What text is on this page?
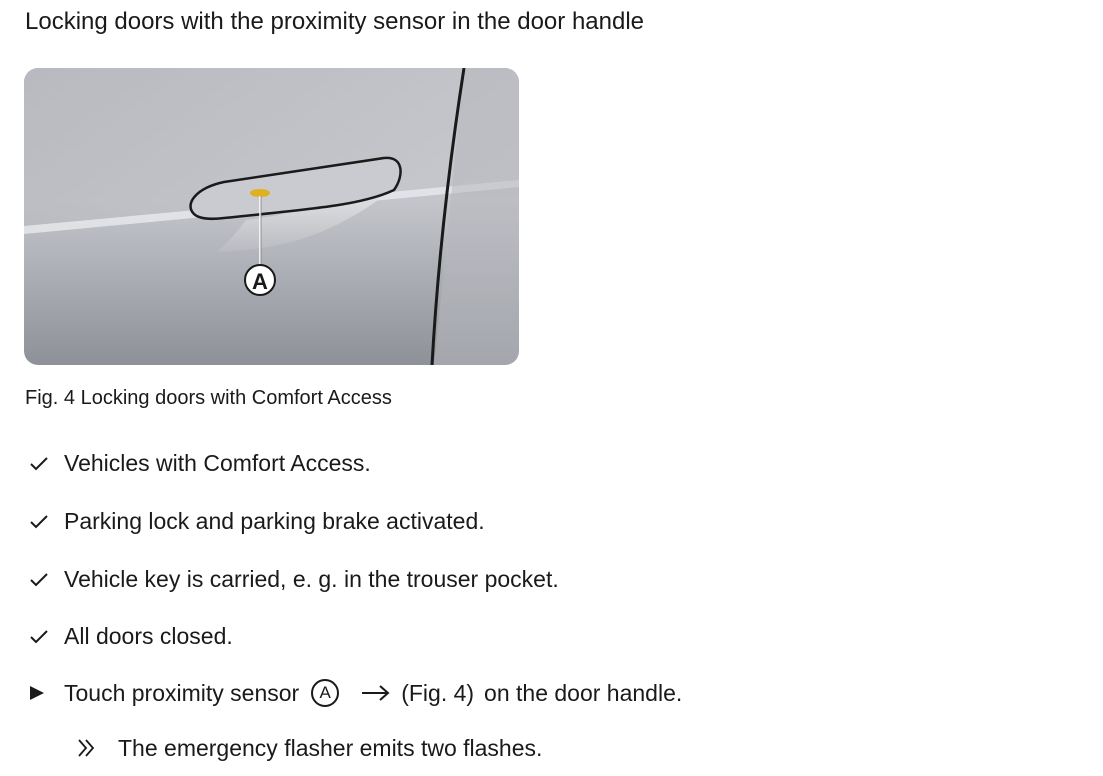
Locking doors with the proximity sensor in the door handle
A
Fig. 4 Locking doors with Comfort Access
Vehicles with Comfort Access.
Parking lock and parking brake activated.
Vehicle key is carried, e. g. in the trouser pocket.
All doors closed.
Touch proximity sensor	A	(Fig. 4) on the door handle.
The emergency flasher emits two flashes.
